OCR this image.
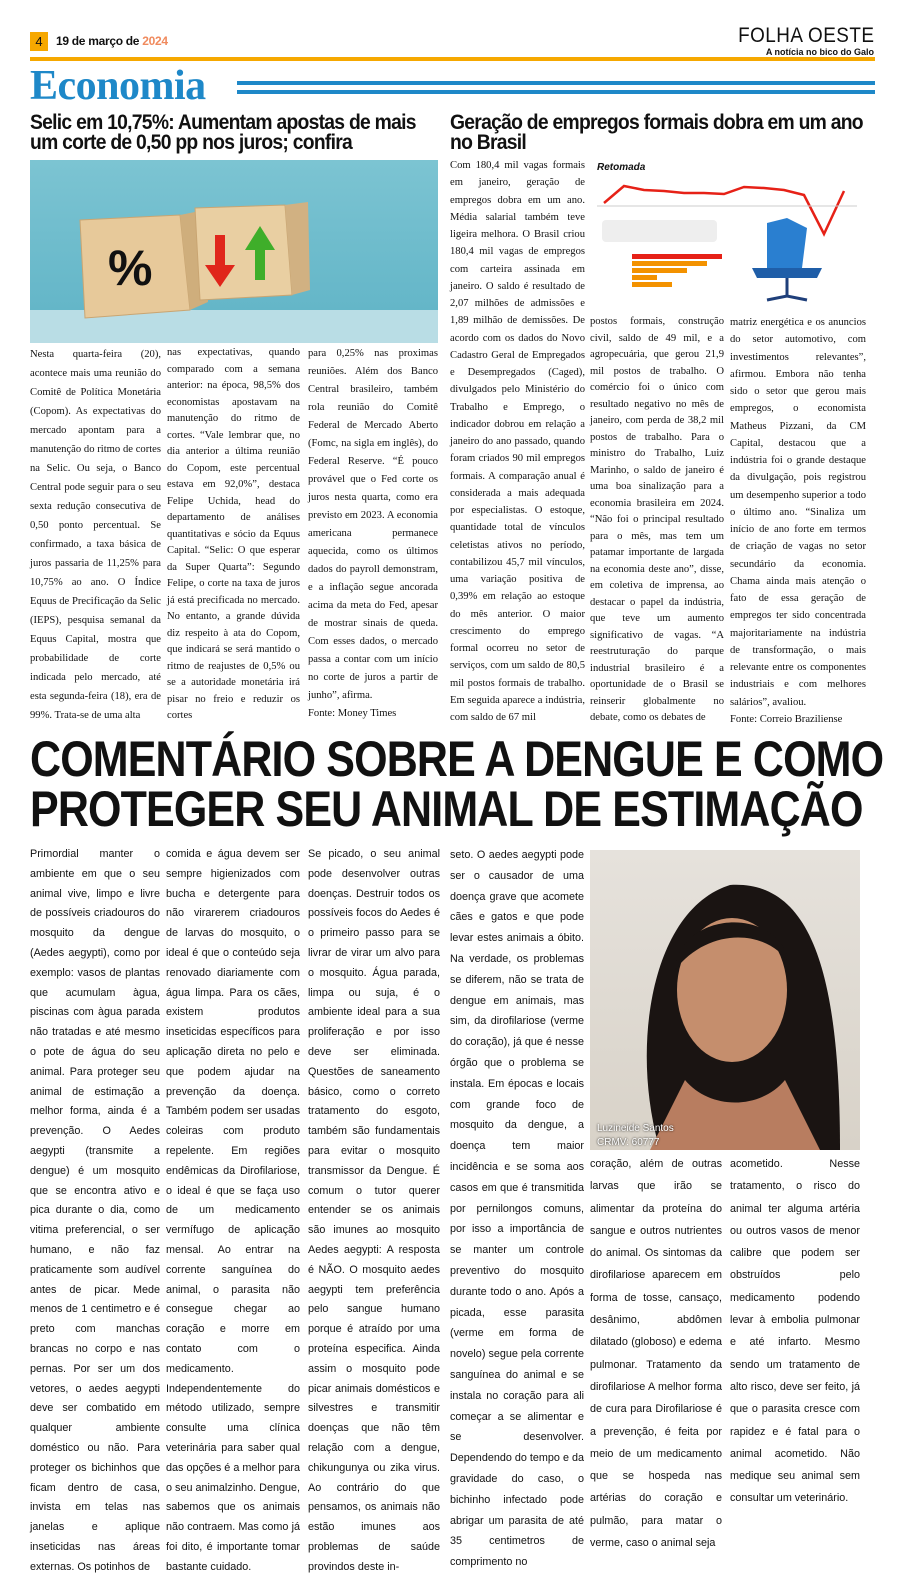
4	19 de março de 2024	FOLHA OESTE
A notícia no bico do Galo
Economia
Selic em 10,75%: Aumentam apostas de mais um corte de 0,50 pp nos juros; confira
Geração de empregos formais dobra em um ano no Brasil
%
Nesta quarta-feira (20), acontece mais uma reunião do Comitê de Política Monetária (Copom). As expectativas do mercado apontam para a manutenção do ritmo de cortes na Selic. Ou seja, o Banco Central pode seguir para o seu sexta redução consecutiva de 0,50 ponto percentual. Se confirmado, a taxa básica de juros passaria de 11,25% para 10,75% ao ano. O Índice Equus de Precificação da Selic (IEPS), pesquisa semanal da Equus Capital, mostra que probabilidade de corte indicada pelo mercado, até esta segunda-feira (18), era de 99%. Trata-se de uma alta
nas expectativas, quando comparado com a semana anterior: na época, 98,5% dos economistas apostavam na manutenção do ritmo de cortes. “Vale lembrar que, no dia anterior a última reunião do Copom, este percentual estava em 92,0%”, destaca Felipe Uchida, head do departamento de análises quantitativas e sócio da Equus Capital. “Selic: O que esperar da Super Quarta”: Segundo Felipe, o corte na taxa de juros já está precificada no mercado. No entanto, a grande dúvida diz respeito à ata do Copom, que indicará se será mantido o ritmo de reajustes de 0,5% ou se a autoridade monetária irá pisar no freio e reduzir os cortes
para 0,25% nas proximas reuniões. Além dos Banco Central brasileiro, também rola reunião do Comitê Federal de Mercado Aberto (Fomc, na sigla em inglês), do Federal Reserve. “É pouco provável que o Fed corte os juros nesta quarta, como era previsto em 2023. A economia americana permanece aquecida, como os últimos dados do payroll demonstram, e a inflação segue ancorada acima da meta do Fed, apesar de mostrar sinais de queda. Com esses dados, o mercado passa a contar com um início no corte de juros a partir de junho”, afirma.
Fonte: Money Times
Com 180,4 mil vagas formais em janeiro, geração de empregos dobra em um ano. Média salarial também teve ligeira melhora. O Brasil criou 180,4 mil vagas de empregos com carteira assinada em janeiro. O saldo é resultado de 2,07 milhões de admissões e 1,89 milhão de demissões. De acordo com os dados do Novo Cadastro Geral de Empregados e Desempregados (Caged), divulgados pelo Ministério do Trabalho e Emprego, o indicador dobrou em relação a janeiro do ano passado, quando foram criados 90 mil empregos formais. A comparação anual é considerada a mais adequada por especialistas. O estoque, quantidade total de vínculos celetistas ativos no período, contabilizou 45,7 mil vínculos, uma variação positiva de 0,39% em relação ao estoque do mês anterior. O maior crescimento do emprego formal ocorreu no setor de serviços, com um saldo de 80,5 mil postos formais de trabalho. Em seguida aparece a indústria, com saldo de 67 mil
Retomada
postos formais, construção civil, saldo de 49 mil, e a agropecuária, que gerou 21,9 mil postos de trabalho. O comércio foi o único com resultado negativo no mês de janeiro, com perda de 38,2 mil postos de trabalho. Para o ministro do Trabalho, Luiz Marinho, o saldo de janeiro é uma boa sinalização para a economia brasileira em 2024. “Não foi o principal resultado para o mês, mas tem um patamar importante de largada na economia deste ano”, disse, em coletiva de imprensa, ao destacar o papel da indústria, que teve um aumento significativo de vagas. “A reestruturação do parque industrial brasileiro é a oportunidade de o Brasil se reinserir globalmente no debate, como os debates de
matriz energética e os anuncios do setor automotivo, com investimentos relevantes”, afirmou. Embora não tenha sido o setor que gerou mais empregos, o economista Matheus Pizzani, da CM Capital, destacou que a indústria foi o grande destaque da divulgação, pois registrou um desempenho superior a todo o último ano. “Sinaliza um início de ano forte em termos de criação de vagas no setor secundário da economia. Chama ainda mais atenção o fato de essa geração de empregos ter sido concentrada majoritariamente na indústria de transformação, o mais relevante entre os componentes industriais e com melhores salários”, avaliou.
Fonte: Correio Braziliense
COMENTÁRIO SOBRE A DENGUE E COMO
PROTEGER SEU ANIMAL DE ESTIMAÇÃO
Primordial manter o ambiente em que o seu animal vive, limpo e livre de possíveis criadouros do mosquito da dengue (Aedes aegypti), como por exemplo: vasos de plantas que acumulam àgua, piscinas com àgua parada não tratadas e até mesmo o pote de água do seu animal. Para proteger seu animal de estimação a melhor forma, ainda é a prevenção. O Aedes aegypti (transmite a dengue) é um mosquito que se encontra ativo e pica durante o dia, como vitima preferencial, o ser humano, e não faz praticamente som audível antes de picar. Mede menos de 1 centimetro e é preto com manchas brancas no corpo e nas pernas. Por ser um dos vetores, o aedes aegypti deve ser combatido em qualquer ambiente doméstico ou não. Para proteger os bichinhos que ficam dentro de casa, invista em telas nas janelas e aplique inseticidas nas áreas externas. Os potinhos de
comida e água devem ser sempre higienizados com bucha e detergente para não virarerem criadouros de larvas do mosquito, o ideal é que o conteúdo seja renovado diariamente com água limpa. Para os cães, existem produtos inseticidas específicos para aplicação direta no pelo e que podem ajudar na prevenção da doença. Também podem ser usadas coleiras com produto repelente. Em regiões endêmicas da Dirofilariose, o ideal é que se faça uso de um medicamento vermífugo de aplicação mensal. Ao entrar na corrente sanguínea do animal, o parasita não consegue chegar ao coração e morre em contato com o medicamento. Independentemente do método utilizado, sempre consulte uma clínica veterinária para saber qual das opções é a melhor para o seu animalzinho. Dengue, sabemos que os animais não contraem. Mas como já foi dito, é importante tomar bastante cuidado.
Se picado, o seu animal pode desenvolver outras doenças. Destruir todos os possíveis focos do Aedes é o primeiro passo para se livrar de virar um alvo para o mosquito. Água parada, limpa ou suja, é o ambiente ideal para a sua proliferação e por isso deve ser eliminada. Questões de saneamento básico, como o correto tratamento do esgoto, também são fundamentais para evitar o mosquito transmissor da Dengue. É comum o tutor querer entender se os animais são imunes ao mosquito Aedes aegypti: A resposta é NÃO. O mosquito aedes aegypti tem preferência pelo sangue humano porque é atraído por uma proteína especifica. Ainda assim o mosquito pode picar animais domésticos e silvestres e transmitir doenças que não têm relação com a dengue, chikungunya ou zika virus. Ao contrário do que pensamos, os animais não estão imunes aos problemas de saúde provindos deste in-
seto. O aedes aegypti pode ser o causador de uma doença grave que acomete cães e gatos e que pode levar estes animais a óbito. Na verdade, os problemas se diferem, não se trata de dengue em animais, mas sim, da dirofilariose (verme do coração), já que é nesse órgão que o problema se instala. Em épocas e locais com grande foco de mosquito da dengue, a doença tem maior incidência e se soma aos casos em que é transmitida por pernilongos comuns, por isso a importância de se manter um controle preventivo do mosquito durante todo o ano. Após a picada, esse parasita (verme em forma de novelo) segue pela corrente sanguínea do animal e se instala no coração para ali começar a se alimentar e se desenvolver. Dependendo do tempo e da gravidade do caso, o bichinho infectado pode abrigar um parasita de até 35 centimetros de comprimento no
Luzineide Santos
CRMV: 60777
coração, além de outras larvas que irão se alimentar da proteína do sangue e outros nutrientes do animal. Os sintomas da dirofilariose aparecem em forma de tosse, cansaço, desânimo, abdômen dilatado (globoso) e edema pulmonar. Tratamento da dirofilariose A melhor forma de cura para Dirofilariose é a prevenção, é feita por meio de um medicamento que se hospeda nas artérias do coração e pulmão, para matar o verme, caso o animal seja
acometido. Nesse tratamento, o risco do animal ter alguma artéria ou outros vasos de menor calibre que podem ser obstruídos pelo medicamento podendo levar à embolia pulmonar e até infarto. Mesmo sendo um tratamento de alto risco, deve ser feito, já que o parasita cresce com rapidez e é fatal para o animal acometido. Não medique seu animal sem consultar um veterinário.
